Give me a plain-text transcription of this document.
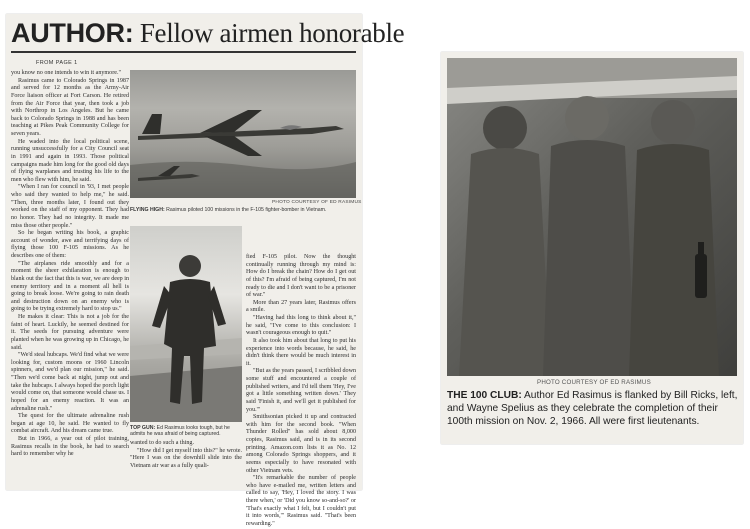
AUTHOR: Fellow airmen honorable
FROM PAGE 1

you know no one intends to win it anymore."

Rasimus came to Colorado Springs in 1987 and served for 12 months as the Army-Air Force liaison officer at Fort Carson. He retired from the Air Force that year, then took a job with Northrop in Los Angeles. But he came back to Colorado Springs in 1988 and has been teaching at Pikes Peak Community College for seven years.

He waded into the local political scene, running unsuccessfully for a City Council seat in 1991 and again in 1993. Those political campaigns made him long for the good old days of flying warplanes and trusting his life to the men who flew with him, he said.

"When I ran for council in '93, I met people who said they wanted to help me," he said. "Then, three months later, I found out they worked on the staff of my opponent. They had no honor. They had no integrity. It made me miss those other people."

So he began writing his book, a graphic account of wonder, awe and terrifying days of flying those 100 F-105 missions. As he describes one of them:

"The airplanes ride smoothly and for a moment the sheer exhilaration is enough to blank out the fact that this is war, we are deep in enemy territory and in a moment all hell is going to break loose. We're going to rain death and destruction down on an enemy who is going to be trying extremely hard to stop us."

He makes it clear: This is not a job for the faint of heart. Luckily, he seemed destined for it. The seeds for pursuing adventure were planted when he was growing up in Chicago, he said.

"We'd steal hubcaps. We'd find what we were looking for, custom moons or 1960 Lincoln spinners, and we'd plan our mission," he said. "Then we'd come back at night, jump out and take the hubcaps. I always hoped the porch light would come on, that someone would chase us. I hoped for an enemy reaction. It was an adrenaline rush."

The quest for the ultimate adrenaline rush began at age 10, he said. He wanted to fly combat aircraft. And his dream came true.

But in 1966, a year out of pilot training, Rasimus recalls in the book, he had to search hard to remember why he

PHOTO COURTESY OF ED RASIMUS
FLYING HIGH: Rasimus piloted 100 missions in the F-105 fighter-bomber in Vietnam.
TOP GUN: Ed Rasimus looks tough, but he admits he was afraid of being captured.

wanted to do such a thing.

"How did I get myself into this?" he wrote. "Here I was on the downhill slide into the Vietnam air war as a fully quali-

fied F-105 pilot. Now the thought continually running through my mind is: How do I break the chain? How do I get out of this? I'm afraid of being captured, I'm not ready to die and I don't want to be a prisoner of war."

More than 27 years later, Rasimus offers a smile.

"Having had this long to think about it," he said, "I've come to this conclusion: I wasn't courageous enough to quit."

It also took him about that long to put his experience into words because, he said, he didn't think there would be much interest in it.

"But as the years passed, I scribbled down some stuff and encountered a couple of published writers, and I'd tell them 'Hey, I've got a little something written down.' They said 'Finish it, and we'll get it published for you.'"

Smithsonian picked it up and contracted with him for the second book. "When Thunder Rolled" has sold about 8,000 copies, Rasimus said, and is in its second printing. Amazon.com lists it as No. 12 among Colorado Springs shoppers, and it seems especially to have resonated with other Vietnam vets.

"It's remarkable the number of people who have e-mailed me, written letters and called to say, 'Hey, I loved the story. I was there when,' or 'Did you know so-and-so?' or 'That's exactly what I felt, but I couldn't put it into words,'" Rasimus said. "That's been rewarding."

PHOTO COURTESY OF ED RASIMUS
THE 100 CLUB: Author Ed Rasimus is flanked by Bill Ricks, left, and Wayne Spelius as they celebrate the completion of their 100th mission on Nov. 2, 1966. All were first lieutenants.
